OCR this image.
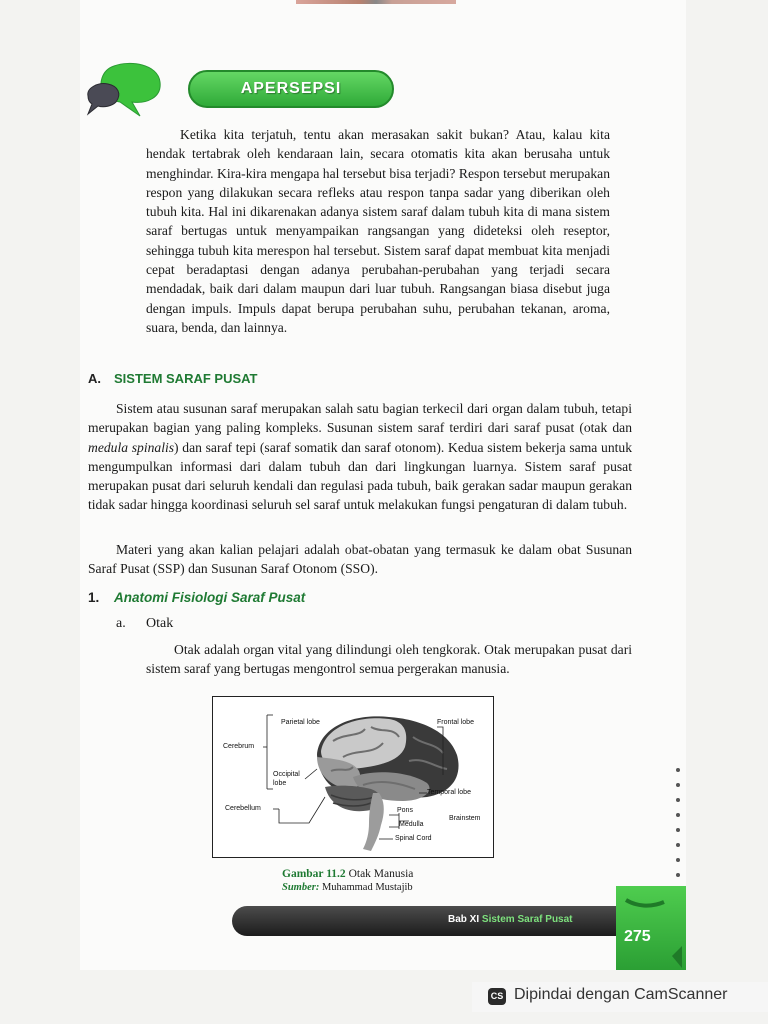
APERSEPSI
Ketika kita terjatuh, tentu akan merasakan sakit bukan? Atau, kalau kita hendak tertabrak oleh kendaraan lain, secara otomatis kita akan berusaha untuk menghindar. Kira-kira mengapa hal tersebut bisa terjadi? Respon tersebut merupakan respon yang dilakukan secara refleks atau respon tanpa sadar yang diberikan oleh tubuh kita. Hal ini dikarenakan adanya sistem saraf dalam tubuh kita di mana sistem saraf bertugas untuk menyampaikan rangsangan yang dideteksi oleh reseptor, sehingga tubuh kita merespon hal tersebut. Sistem saraf dapat membuat kita menjadi cepat beradaptasi dengan adanya perubahan-perubahan yang terjadi secara mendadak, baik dari dalam maupun dari luar tubuh. Rangsangan biasa disebut juga dengan impuls. Impuls dapat berupa perubahan suhu, perubahan tekanan, aroma, suara, benda, dan lainnya.
A. SISTEM SARAF PUSAT
Sistem atau susunan saraf merupakan salah satu bagian terkecil dari organ dalam tubuh, tetapi merupakan bagian yang paling kompleks. Susunan sistem saraf terdiri dari saraf pusat (otak dan medula spinalis) dan saraf tepi (saraf somatik dan saraf otonom). Kedua sistem bekerja sama untuk mengumpulkan informasi dari dalam tubuh dan dari lingkungan luarnya. Sistem saraf pusat merupakan pusat dari seluruh kendali dan regulasi pada tubuh, baik gerakan sadar maupun gerakan tidak sadar hingga koordinasi seluruh sel saraf untuk melakukan fungsi pengaturan di dalam tubuh.
Materi yang akan kalian pelajari adalah obat-obatan yang termasuk ke dalam obat Susunan Saraf Pusat (SSP) dan Susunan Saraf Otonom (SSO).
1. Anatomi Fisiologi Saraf Pusat
a. Otak
Otak adalah organ vital yang dilindungi oleh tengkorak. Otak merupakan pusat dari sistem saraf yang bertugas mengontrol semua pergerakan manusia.
Parietal lobe	Frontal lobe
Cerebrum
Occipital
lobe
Temporal lobe
Cerebellum	Pons
Medulla
Brainstem
Spinal Cord
Gambar 11.2 Otak Manusia
Sumber: Muhammad Mustajib
Bab XI Sistem Saraf Pusat
275
CS Dipindai dengan CamScanner
